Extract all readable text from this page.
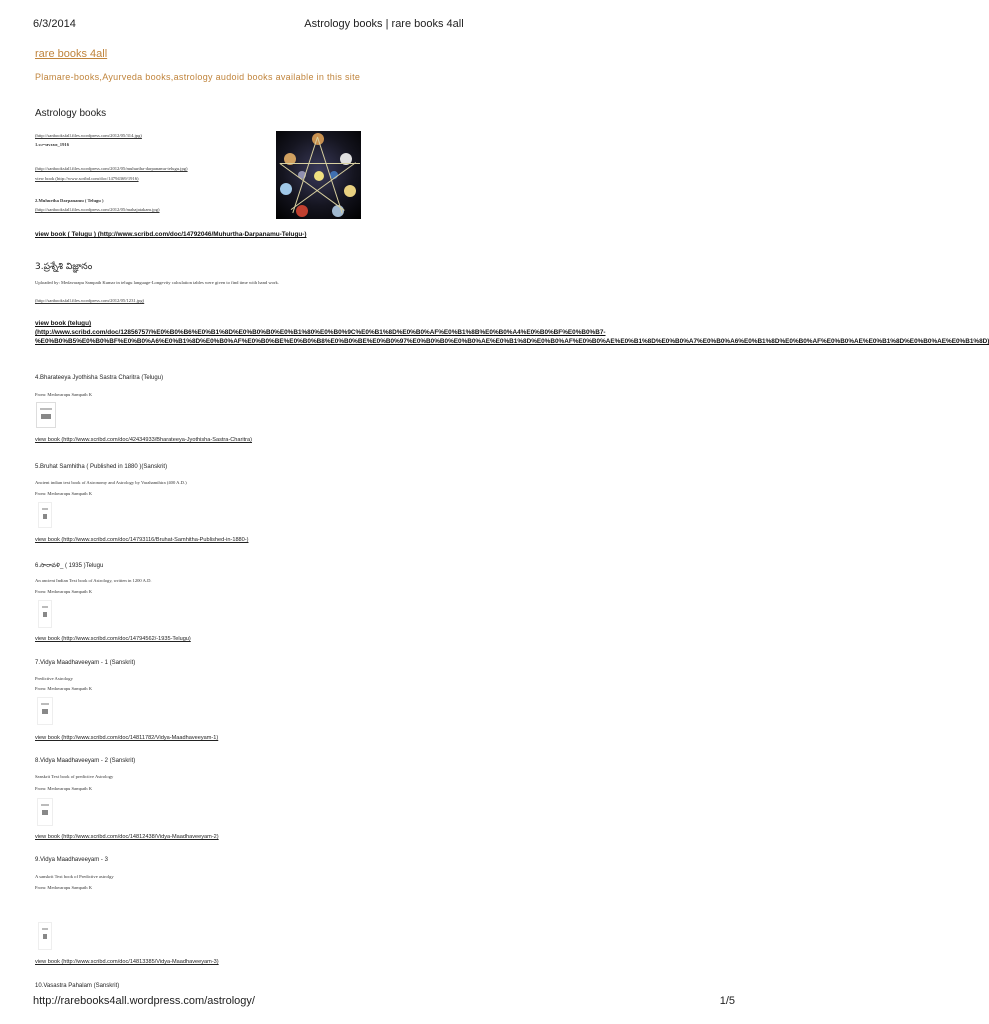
6/3/2014	Astrology books | rare books 4all
rare books 4all
Plamare-books,Ayurveda books,astrology audoid books available in this site
Astrology books
(http://sanbooksfall.files.wordpress.com/2012/05/314.jpg)
1.ᴜᴊᴖᴍᴠᴊᴢᴍ_1916
(http://sanbooksfall.files.wordpress.com/2012/05/muhurtha-darpanamu-telugu.jpg)
view book (http://www.scribd.com/doc/14794369/1916)
2.Muhurtha Darpanamu ( Telugu )
(http://sanbooksfall.files.wordpress.com/2012/05/mahajatakam.jpg)
view book ( Telugu ) (http://www.scribd.com/doc/14792046/Muhurtha-Darpanamu-Telugu-)
3.ప్రశ్నేశి విజ్ఞానం
Uploaded by: Medavarapu Sampath Kumar in telugu language-Longevity calculation tables were given to find time with hand work.
(http://sanbooksfall.files.wordpress.com/2012/05/1231.jpg)
view book (telugu)
(http://www.scribd.com/doc/12856757/%E0%B0%B6%E0%B1%8D%E0%B0%B0%E0%B1%80%E0%B0%9C%E0%B1%8D%E0%B0%AF%E0%B1%8B%E0%B0%A4%E0%B0%BF%E0%B0%B7-
%E0%B0%B5%E0%B0%BF%E0%B0%A6%E0%B1%8D%E0%B0%AF%E0%B0%BE%E0%B0%B8%E0%B0%BE%E0%B0%97%E0%B0%B0%E0%B0%AE%E0%B1%8D%E0%B0%AF%E0%B0%AE%E0%B1%8D%E0%B0%A7%E0%B0%A6%E0%B1%8D%E0%B0%AF%E0%B0%AE%E0%B1%8D%E0%B0%AE%E0%B1%8D)
4.Bharateeya Jyothisha Sastra Charitra (Telugu)
From: Medavarapu Sampath K
view book (http://www.scribd.com/doc/42434933/Bharateeya-Jyothisha-Sastra-Charitra)
5.Bruhat Samhitha ( Published in 1880 )(Sanskrit)
Ancient indian text book of Astronomy and Astrology by Varahamihira (400 A.D.)
From: Medavarapu Sampath K
view book (http://www.scribd.com/doc/14793116/Bruhat-Samhitha-Published-in-1880-)
6.సారావళి_ ( 1935 )Telugu
An ancient Indian Text book of Astrology, written in 1200 A.D.
From: Medavarapu Sampath K
view book (http://www.scribd.com/doc/14794562/-1935-Telugu)
7.Vidya Maadhaveeyam - 1 (Sanskrit)
Predictive Astrology
From: Medavarapu Sampath K
view book (http://www.scribd.com/doc/14811782/Vidya-Maadhaveeyam-1)
8.Vidya Maadhaveeyam - 2 (Sanskrit)
Sanskrit Text book of predictive Astrology
From: Medavarapu Sampath K
view book (http://www.scribd.com/doc/14812438/Vidya-Maadhaveeyam-2)
9.Vidya Maadhaveeyam - 3
A sanskrit Text book of Predictive astrolgy
From: Medavarapu Sampath K
view book (http://www.scribd.com/doc/14813385/Vidya-Maadhaveeyam-3)
10.Vasastra Pahalam (Sanskrit)
http://rarebooks4all.wordpress.com/astrology/	1/5
